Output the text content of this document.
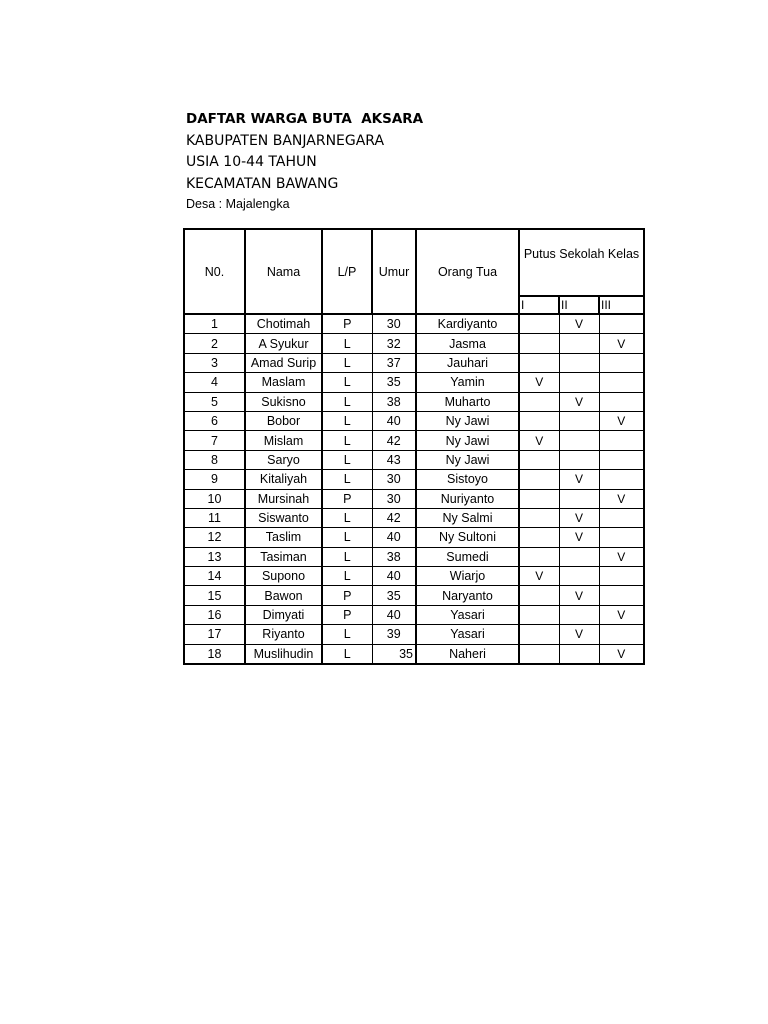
DAFTAR WARGA BUTA  AKSARA
KABUPATEN BANJARNEGARA
USIA 10-44 TAHUN
KECAMATAN BAWANG
Desa : Majalengka
N0.	Nama	L/P	Umur	Orang Tua	Putus Sekolah Kelas		
					I	II	III
1	Chotimah	P	30	Kardiyanto		V	
2	A Syukur	L	32	Jasma			V
3	Amad Surip	L	37	Jauhari			
4	Maslam	L	35	Yamin	V		
5	Sukisno	L	38	Muharto		V	
6	Bobor	L	40	Ny Jawi			V
7	Mislam	L	42	Ny Jawi	V		
8	Saryo	L	43	Ny Jawi			
9	Kitaliyah	L	30	Sistoyo		V	
10	Mursinah	P	30	Nuriyanto			V
11	Siswanto	L	42	Ny Salmi		V	
12	Taslim	L	40	Ny Sultoni		V	
13	Tasiman	L	38	Sumedi			V
14	Supono	L	40	Wiarjo	V		
15	Bawon	P	35	Naryanto		V	
16	Dimyati	P	40	Yasari			V
17	Riyanto	L	39	Yasari		V	
18	Muslihudin	L	35	Naheri			V
